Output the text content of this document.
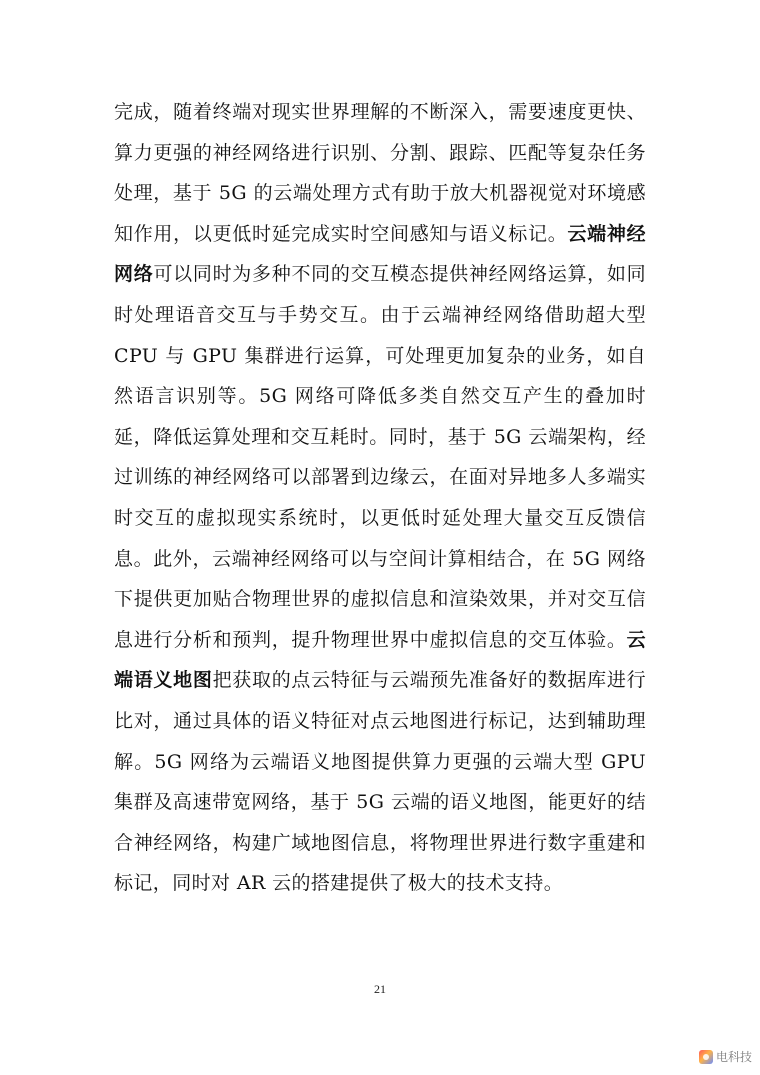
完成，随着终端对现实世界理解的不断深入，需要速度更快、算力更强的神经网络进行识别、分割、跟踪、匹配等复杂任务处理，基于 5G 的云端处理方式有助于放大机器视觉对环境感知作用，以更低时延完成实时空间感知与语义标记。云端神经网络可以同时为多种不同的交互模态提供神经网络运算，如同时处理语音交互与手势交互。由于云端神经网络借助超大型 CPU 与 GPU 集群进行运算，可处理更加复杂的业务，如自然语言识别等。5G 网络可降低多类自然交互产生的叠加时延，降低运算处理和交互耗时。同时，基于 5G 云端架构，经过训练的神经网络可以部署到边缘云，在面对异地多人多端实时交互的虚拟现实系统时，以更低时延处理大量交互反馈信息。此外，云端神经网络可以与空间计算相结合，在 5G 网络下提供更加贴合物理世界的虚拟信息和渲染效果，并对交互信息进行分析和预判，提升物理世界中虚拟信息的交互体验。云端语义地图把获取的点云特征与云端预先准备好的数据库进行比对，通过具体的语义特征对点云地图进行标记，达到辅助理解。5G 网络为云端语义地图提供算力更强的云端大型 GPU 集群及高速带宽网络，基于 5G 云端的语义地图，能更好的结合神经网络，构建广域地图信息，将物理世界进行数字重建和标记，同时对 AR 云的搭建提供了极大的技术支持。

21
电科技
